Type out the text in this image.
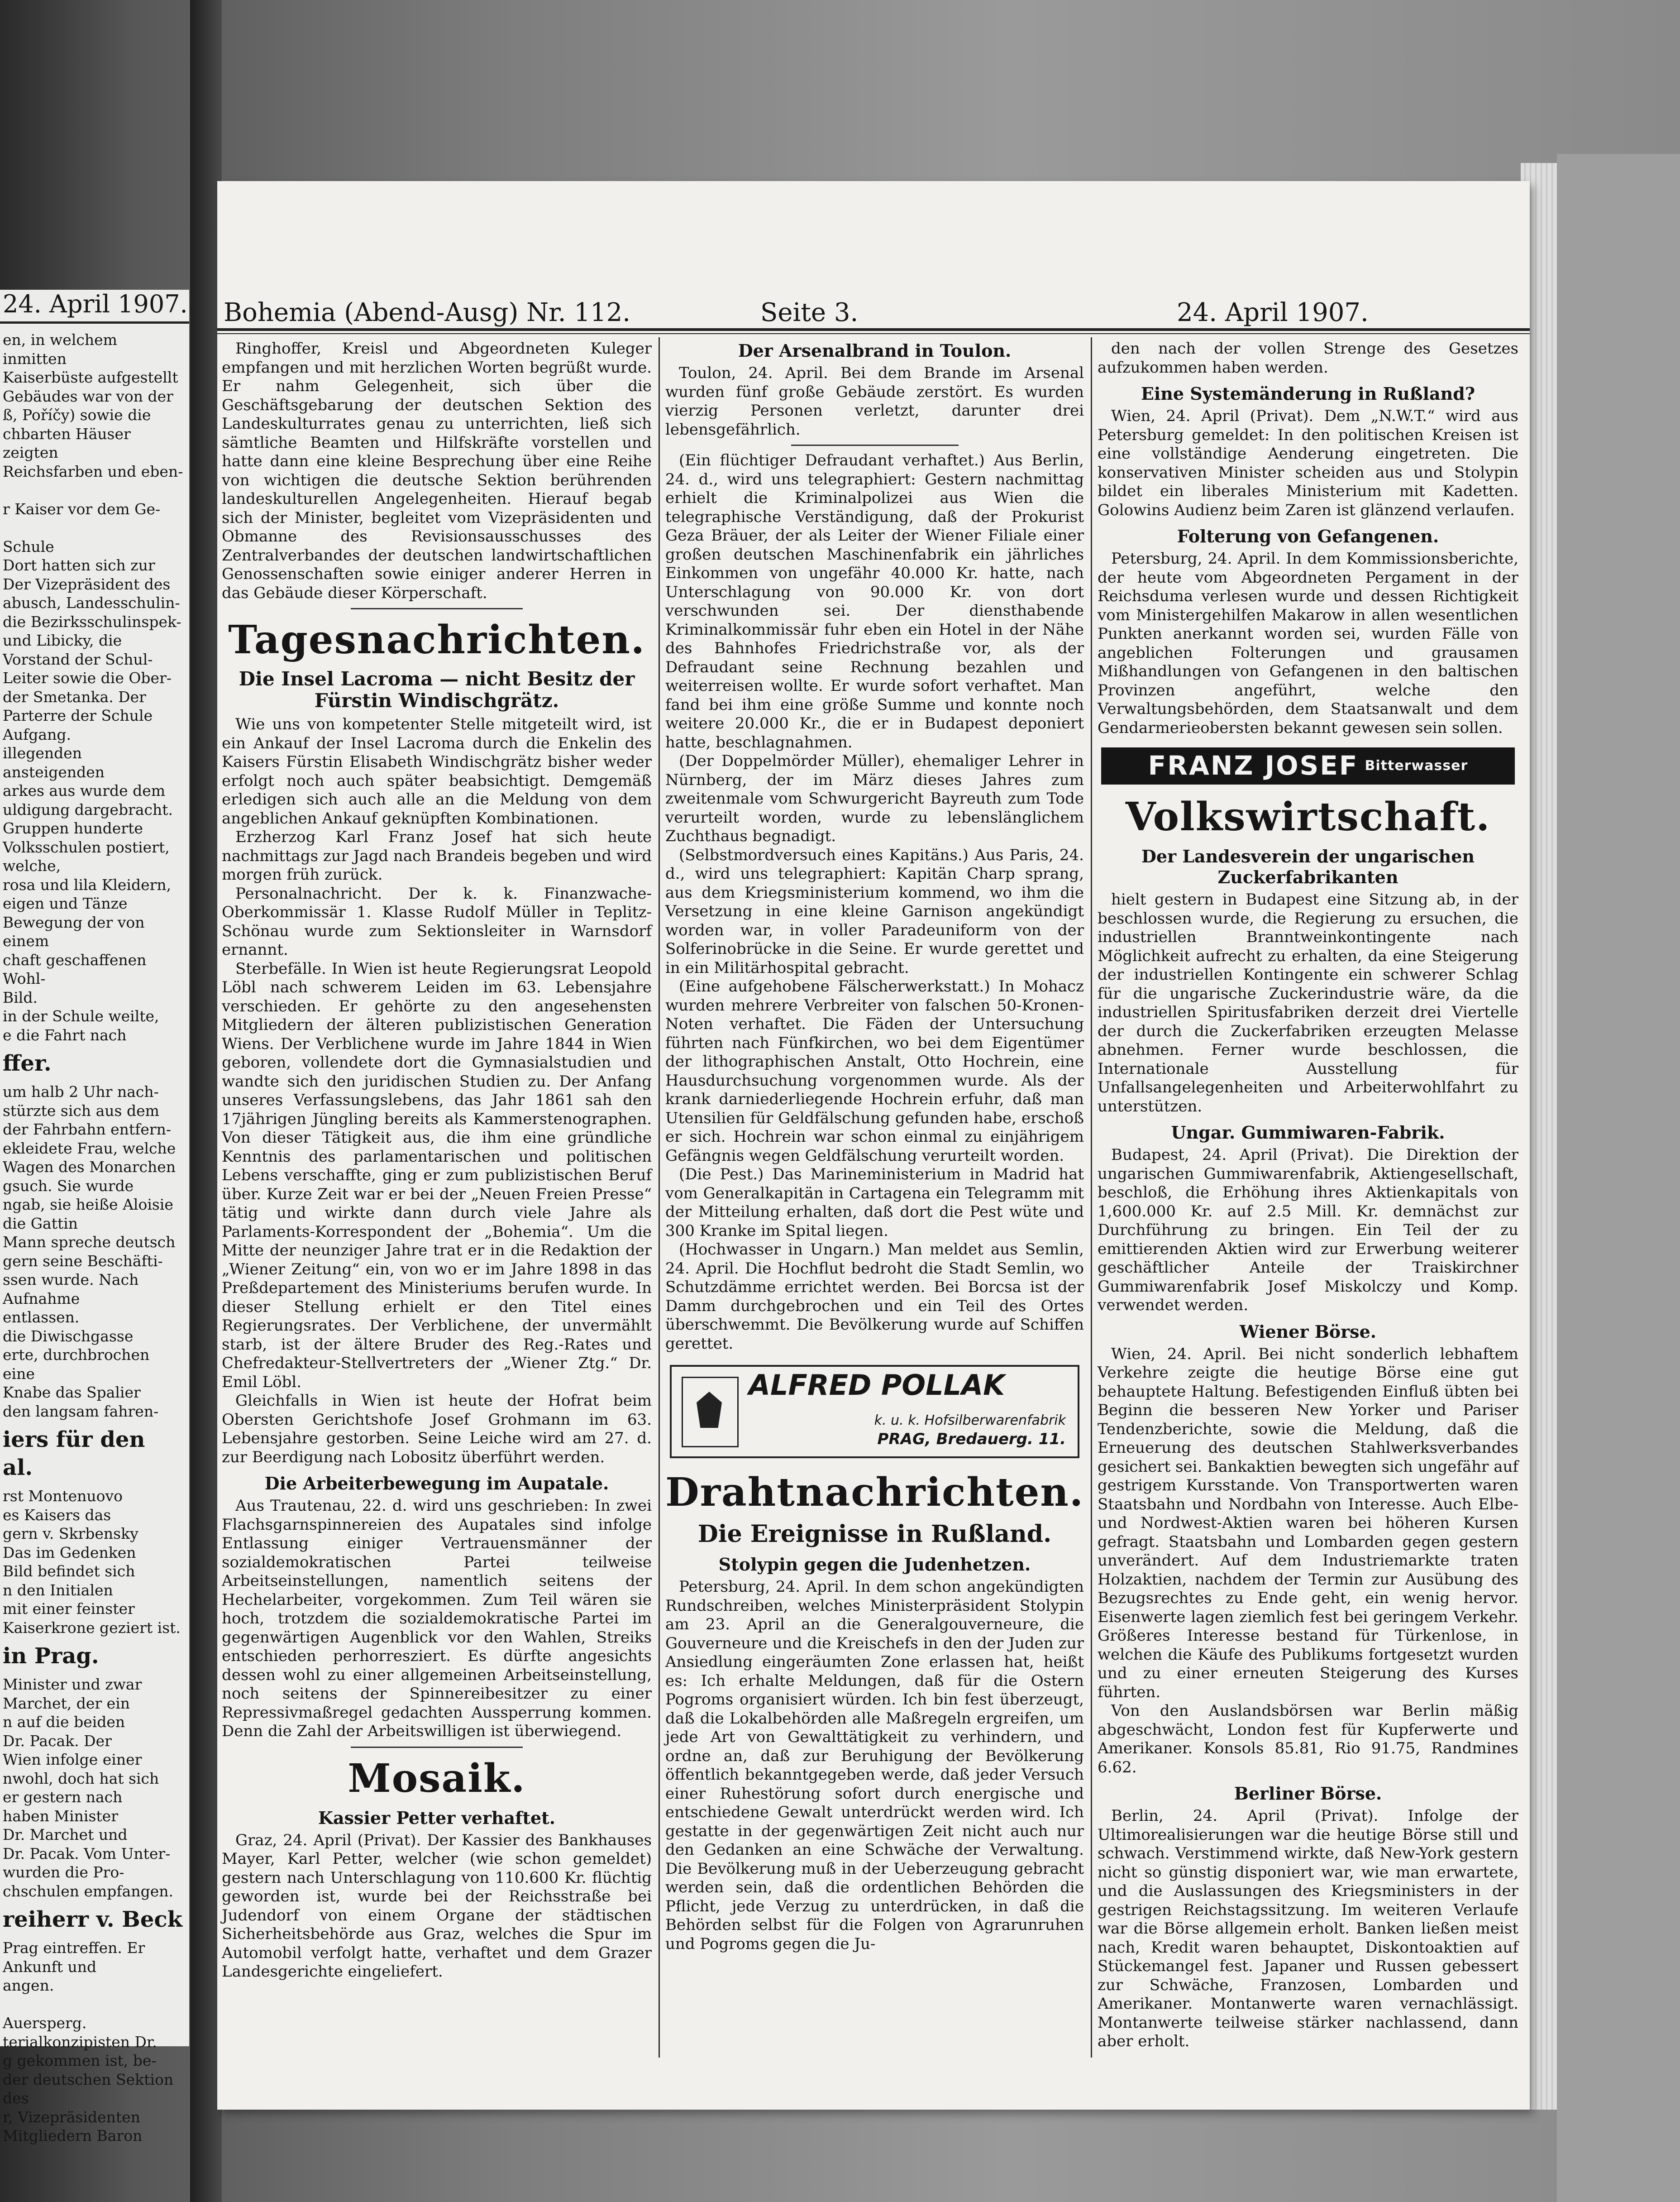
24. April 1907.
en, in welchem inmitten
Kaiserbüste aufgestellt
Gebäudes war von der
ß, Poříčy) sowie die
chbarten Häuser zeigten
Reichsfarben und eben-

r Kaiser vor dem Ge-

Schule
Dort hatten sich zur
Der Vizepräsident des
abusch, Landesschulin-
die Bezirksschulinspek-
und Libicky, die
Vorstand der Schul-
Leiter sowie die Ober-
der Smetanka. Der
Parterre der Schule
Aufgang.
illegenden ansteigenden
arkes aus wurde dem
uldigung dargebracht.
Gruppen hunderte
Volksschulen postiert, welche,
rosa und lila Kleidern,
eigen und Tänze
Bewegung der von einem
chaft geschaffenen Wohl-
Bild.
in der Schule weilte,
e die Fahrt nach
ffer.
um halb 2 Uhr nach-
stürzte sich aus dem
der Fahrbahn entfern-
ekleidete Frau, welche
Wagen des Monarchen
gsuch. Sie wurde
ngab, sie heiße Aloisie
die Gattin
Mann spreche deutsch
gern seine Beschäfti-
ssen wurde. Nach Aufnahme
entlassen.
die Diwischgasse
erte, durchbrochen eine
Knabe das Spalier
den langsam fahren-
iers für den
al.
rst Montenuovo
es Kaisers das
gern v. Skrbensky
Das im Gedenken
Bild befindet sich
n den Initialen
mit einer feinster
Kaiserkrone geziert ist.
in Prag.
Minister und zwar
Marchet, der ein
n auf die beiden
Dr. Pacak. Der
Wien infolge einer
nwohl, doch hat sich
er gestern nach
haben Minister
Dr. Marchet und
Dr. Pacak. Vom Unter-
wurden die Pro-
chschulen empfangen.
reiherr v. Beck
Prag eintreffen. Er
Ankunft und
angen.

Auersperg.
terialkonzipisten Dr.
g gekommen ist, be-
der deutschen Sektion des
r, Vizepräsidenten
Mitgliedern Baron
Bohemia (Abend-Ausg) Nr. 112.	Seite 3.	24. April 1907.

Ringhoffer, Kreisl und Abgeordneten Kuleger empfangen und mit herzlichen Worten begrüßt wurde. Er nahm Gelegenheit, sich über die Geschäftsgebarung der deutschen Sektion des Landeskulturrates genau zu unterrichten, ließ sich sämtliche Beamten und Hilfskräfte vorstellen und hatte dann eine kleine Besprechung über eine Reihe von wichtigen die deutsche Sektion berührenden landeskulturellen Angelegenheiten. Hierauf begab sich der Minister, begleitet vom Vizepräsidenten und Obmanne des Revisionsausschusses des Zentralverbandes der deutschen landwirtschaftlichen Genossenschaften sowie einiger anderer Herren in das Gebäude dieser Körperschaft.

Tagesnachrichten.
Die Insel Lacroma — nicht Besitz der Fürstin Windischgrätz.

Wie uns von kompetenter Stelle mitgeteilt wird, ist ein Ankauf der Insel Lacroma durch die Enkelin des Kaisers Fürstin Elisabeth Windischgrätz bisher weder erfolgt noch auch später beabsichtigt. Demgemäß erledigen sich auch alle an die Meldung von dem angeblichen Ankauf geknüpften Kombinationen.

Erzherzog Karl Franz Josef hat sich heute nachmittags zur Jagd nach Brandeis begeben und wird morgen früh zurück.

Personalnachricht. Der k. k. Finanzwache-Oberkommissär 1. Klasse Rudolf Müller in Teplitz-Schönau wurde zum Sektionsleiter in Warnsdorf ernannt.

Sterbefälle. In Wien ist heute Regierungsrat Leopold Löbl nach schwerem Leiden im 63. Lebensjahre verschieden. Er gehörte zu den angesehensten Mitgliedern der älteren publizistischen Generation Wiens. Der Verblichene wurde im Jahre 1844 in Wien geboren, vollendete dort die Gymnasialstudien und wandte sich den juridischen Studien zu. Der Anfang unseres Verfassungslebens, das Jahr 1861 sah den 17jährigen Jüngling bereits als Kammerstenographen. Von dieser Tätigkeit aus, die ihm eine gründliche Kenntnis des parlamentarischen und politischen Lebens verschaffte, ging er zum publizistischen Beruf über. Kurze Zeit war er bei der „Neuen Freien Presse“ tätig und wirkte dann durch viele Jahre als Parlaments-Korrespondent der „Bohemia“. Um die Mitte der neunziger Jahre trat er in die Redaktion der „Wiener Zeitung“ ein, von wo er im Jahre 1898 in das Preßdepartement des Ministeriums berufen wurde. In dieser Stellung erhielt er den Titel eines Regierungsrates. Der Verblichene, der unvermählt starb, ist der ältere Bruder des Reg.-Rates und Chefredakteur-Stellvertreters der „Wiener Ztg.“ Dr. Emil Löbl.

Gleichfalls in Wien ist heute der Hofrat beim Obersten Gerichtshofe Josef Grohmann im 63. Lebensjahre gestorben. Seine Leiche wird am 27. d. zur Beerdigung nach Lobositz überführt werden.

Die Arbeiterbewegung im Aupatale.

Aus Trautenau, 22. d. wird uns geschrieben: In zwei Flachsgarnspinnereien des Aupatales sind infolge Entlassung einiger Vertrauensmänner der sozialdemokratischen Partei teilweise Arbeitseinstellungen, namentlich seitens der Hechelarbeiter, vorgekommen. Zum Teil wären sie hoch, trotzdem die sozialdemokratische Partei im gegenwärtigen Augenblick vor den Wahlen, Streiks entschieden perhorresziert. Es dürfte angesichts dessen wohl zu einer allgemeinen Arbeitseinstellung, noch seitens der Spinnereibesitzer zu einer Repressivmaßregel gedachten Aussperrung kommen. Denn die Zahl der Arbeitswilligen ist überwiegend.

Mosaik.
Kassier Petter verhaftet.

Graz, 24. April (Privat). Der Kassier des Bankhauses Mayer, Karl Petter, welcher (wie schon gemeldet) gestern nach Unterschlagung von 110.600 Kr. flüchtig geworden ist, wurde bei der Reichsstraße bei Judendorf von einem Organe der städtischen Sicherheitsbehörde aus Graz, welches die Spur im Automobil verfolgt hatte, verhaftet und dem Grazer Landesgerichte eingeliefert.

Der Arsenalbrand in Toulon.

Toulon, 24. April. Bei dem Brande im Arsenal wurden fünf große Gebäude zerstört. Es wurden vierzig Personen verletzt, darunter drei lebensgefährlich.

(Ein flüchtiger Defraudant verhaftet.) Aus Berlin, 24. d., wird uns telegraphiert: Gestern nachmittag erhielt die Kriminalpolizei aus Wien die telegraphische Verständigung, daß der Prokurist Geza Bräuer, der als Leiter der Wiener Filiale einer großen deutschen Maschinenfabrik ein jährliches Einkommen von ungefähr 40.000 Kr. hatte, nach Unterschlagung von 90.000 Kr. von dort verschwunden sei. Der diensthabende Kriminalkommissär fuhr eben ein Hotel in der Nähe des Bahnhofes Friedrichstraße vor, als der Defraudant seine Rechnung bezahlen und weiterreisen wollte. Er wurde sofort verhaftet. Man fand bei ihm eine größe Summe und konnte noch weitere 20.000 Kr., die er in Budapest deponiert hatte, beschlagnahmen.

(Der Doppelmörder Müller), ehemaliger Lehrer in Nürnberg, der im März dieses Jahres zum zweitenmale vom Schwurgericht Bayreuth zum Tode verurteilt worden, wurde zu lebenslänglichem Zuchthaus begnadigt.

(Selbstmordversuch eines Kapitäns.) Aus Paris, 24. d., wird uns telegraphiert: Kapitän Charp sprang, aus dem Kriegsministerium kommend, wo ihm die Versetzung in eine kleine Garnison angekündigt worden war, in voller Paradeuniform von der Solferinobrücke in die Seine. Er wurde gerettet und in ein Militärhospital gebracht.

(Eine aufgehobene Fälscherwerkstatt.) In Mohacz wurden mehrere Verbreiter von falschen 50-Kronen-Noten verhaftet. Die Fäden der Untersuchung führten nach Fünfkirchen, wo bei dem Eigentümer der lithographischen Anstalt, Otto Hochrein, eine Hausdurchsuchung vorgenommen wurde. Als der krank darniederliegende Hochrein erfuhr, daß man Utensilien für Geldfälschung gefunden habe, erschoß er sich. Hochrein war schon einmal zu einjährigem Gefängnis wegen Geldfälschung verurteilt worden.

(Die Pest.) Das Marineministerium in Madrid hat vom Generalkapitän in Cartagena ein Telegramm mit der Mitteilung erhalten, daß dort die Pest wüte und 300 Kranke im Spital liegen.

(Hochwasser in Ungarn.) Man meldet aus Semlin, 24. April. Die Hochflut bedroht die Stadt Semlin, wo Schutzdämme errichtet werden. Bei Borcsa ist der Damm durchgebrochen und ein Teil des Ortes überschwemmt. Die Bevölkerung wurde auf Schiffen gerettet.

ALFRED POLLAK
k. u. k. Hofsilberwarenfabrik
PRAG, Bredauerg. 11.
Drahtnachrichten.
Die Ereignisse in Rußland.
Stolypin gegen die Judenhetzen.

Petersburg, 24. April. In dem schon angekündigten Rundschreiben, welches Ministerpräsident Stolypin am 23. April an die Generalgouverneure, die Gouverneure und die Kreischefs in den der Juden zur Ansiedlung eingeräumten Zone erlassen hat, heißt es: Ich erhalte Meldungen, daß für die Ostern Pogroms organisiert würden. Ich bin fest überzeugt, daß die Lokalbehörden alle Maßregeln ergreifen, um jede Art von Gewalttätigkeit zu verhindern, und ordne an, daß zur Beruhigung der Bevölkerung öffentlich bekanntgegeben werde, daß jeder Versuch einer Ruhestörung sofort durch energische und entschiedene Gewalt unterdrückt werden wird. Ich gestatte in der gegenwärtigen Zeit nicht auch nur den Gedanken an eine Schwäche der Verwaltung. Die Bevölkerung muß in der Ueberzeugung gebracht werden sein, daß die ordentlichen Behörden die Pflicht, jede Verzug zu unterdrücken, in daß die Behörden selbst für die Folgen von Agrarunruhen und Pogroms gegen die Ju-

den nach der vollen Strenge des Gesetzes aufzukommen haben werden.

Eine Systemänderung in Rußland?

Wien, 24. April (Privat). Dem „N.W.T.“ wird aus Petersburg gemeldet: In den politischen Kreisen ist eine vollständige Aenderung eingetreten. Die konservativen Minister scheiden aus und Stolypin bildet ein liberales Ministerium mit Kadetten. Golowins Audienz beim Zaren ist glänzend verlaufen.

Folterung von Gefangenen.

Petersburg, 24. April. In dem Kommissionsberichte, der heute vom Abgeordneten Pergament in der Reichsduma verlesen wurde und dessen Richtigkeit vom Ministergehilfen Makarow in allen wesentlichen Punkten anerkannt worden sei, wurden Fälle von angeblichen Folterungen und grausamen Mißhandlungen von Gefangenen in den baltischen Provinzen angeführt, welche den Verwaltungsbehörden, dem Staatsanwalt und dem Gendarmerieobersten bekannt gewesen sein sollen.

FRANZ JOSEF Bitterwasser
Volkswirtschaft.
Der Landesverein der ungarischen Zuckerfabrikanten

hielt gestern in Budapest eine Sitzung ab, in der beschlossen wurde, die Regierung zu ersuchen, die industriellen Branntweinkontingente nach Möglichkeit aufrecht zu erhalten, da eine Steigerung der industriellen Kontingente ein schwerer Schlag für die ungarische Zuckerindustrie wäre, da die industriellen Spiritusfabriken derzeit drei Viertelle der durch die Zuckerfabriken erzeugten Melasse abnehmen. Ferner wurde beschlossen, die Internationale Ausstellung für Unfallsangelegenheiten und Arbeiterwohlfahrt zu unterstützen.

Ungar. Gummiwaren-Fabrik.

Budapest, 24. April (Privat). Die Direktion der ungarischen Gummiwarenfabrik, Aktiengesellschaft, beschloß, die Erhöhung ihres Aktienkapitals von 1,600.000 Kr. auf 2.5 Mill. Kr. demnächst zur Durchführung zu bringen. Ein Teil der zu emittierenden Aktien wird zur Erwerbung weiterer geschäftlicher Anteile der Traiskirchner Gummiwarenfabrik Josef Miskolczy und Komp. verwendet werden.

Wiener Börse.

Wien, 24. April. Bei nicht sonderlich lebhaftem Verkehre zeigte die heutige Börse eine gut behauptete Haltung. Befestigenden Einfluß übten bei Beginn die besseren New Yorker und Pariser Tendenzberichte, sowie die Meldung, daß die Erneuerung des deutschen Stahlwerksverbandes gesichert sei. Bankaktien bewegten sich ungefähr auf gestrigem Kursstande. Von Transportwerten waren Staatsbahn und Nordbahn von Interesse. Auch Elbe- und Nordwest-Aktien waren bei höheren Kursen gefragt. Staatsbahn und Lombarden gegen gestern unverändert. Auf dem Industriemarkte traten Holzaktien, nachdem der Termin zur Ausübung des Bezugsrechtes zu Ende geht, ein wenig hervor. Eisenwerte lagen ziemlich fest bei geringem Verkehr. Größeres Interesse bestand für Türkenlose, in welchen die Käufe des Publikums fortgesetzt wurden und zu einer erneuten Steigerung des Kurses führten.

Von den Auslandsbörsen war Berlin mäßig abgeschwächt, London fest für Kupferwerte und Amerikaner. Konsols 85.81, Rio 91.75, Randmines 6.62.

Berliner Börse.

Berlin, 24. April (Privat). Infolge der Ultimorealisierungen war die heutige Börse still und schwach. Verstimmend wirkte, daß New-York gestern nicht so günstig disponiert war, wie man erwartete, und die Auslassungen des Kriegsministers in der gestrigen Reichstagssitzung. Im weiteren Verlaufe war die Börse allgemein erholt. Banken ließen meist nach, Kredit waren behauptet, Diskontoaktien auf Stückemangel fest. Japaner und Russen gebessert zur Schwäche, Franzosen, Lombarden und Amerikaner. Montanwerte waren vernachlässigt. Montanwerte teilweise stärker nachlassend, dann aber erholt.
